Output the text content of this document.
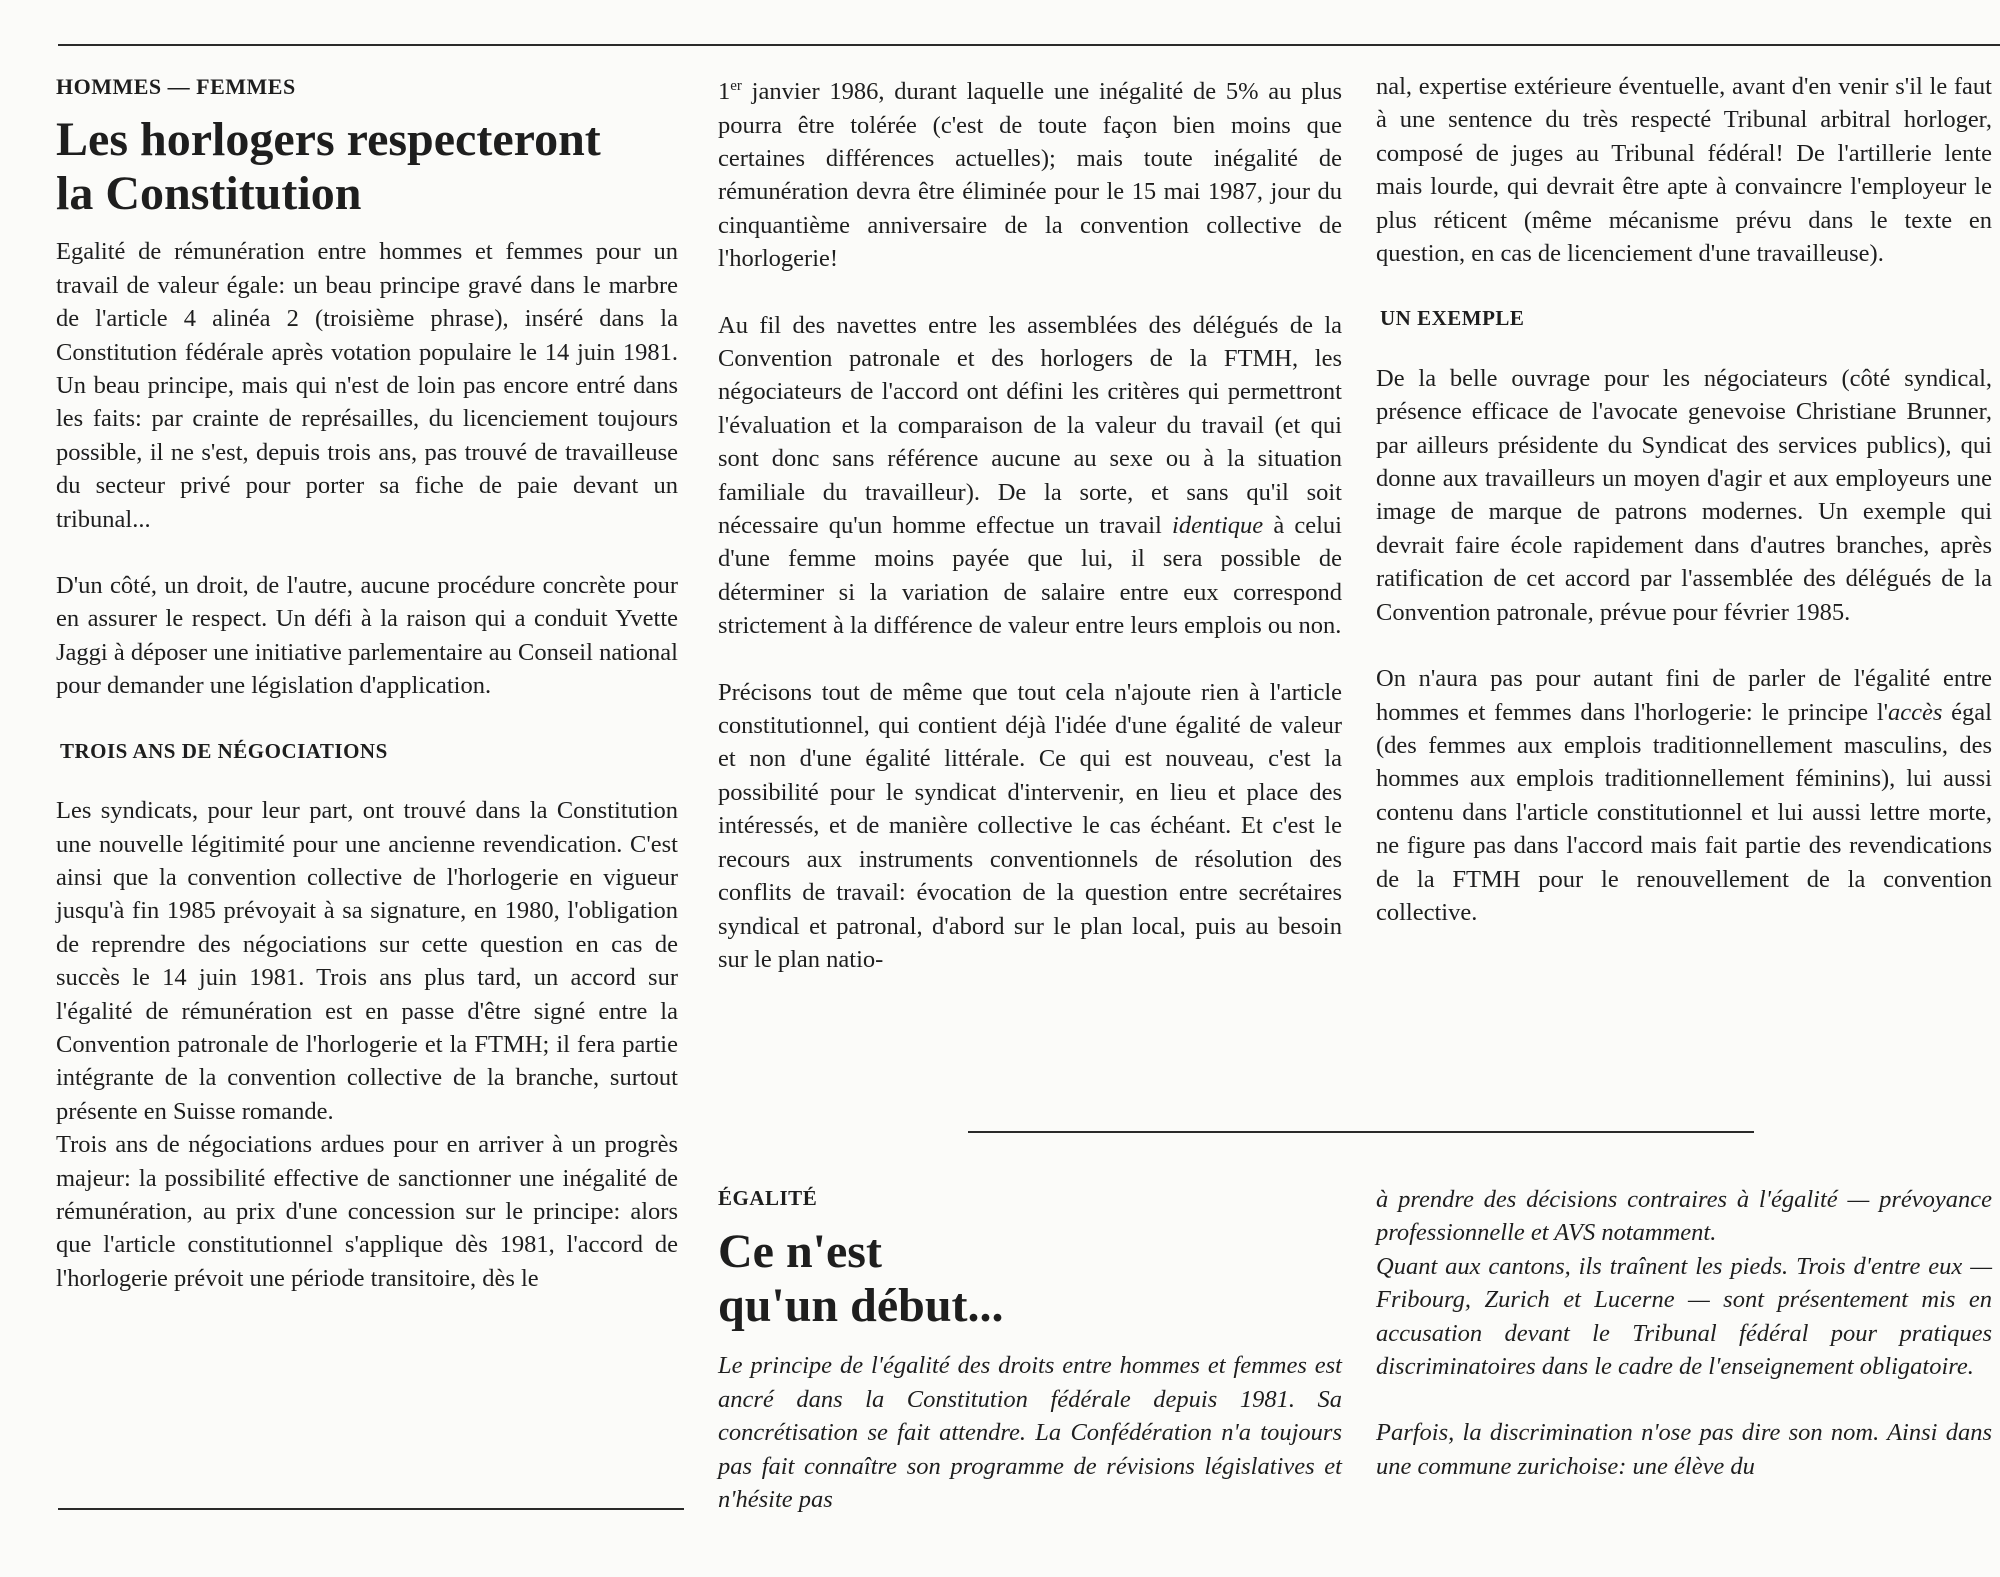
HOMMES — FEMMES
Les horlogers respecteront
la Constitution

Egalité de rémunération entre hommes et femmes pour un travail de valeur égale: un beau principe gravé dans le marbre de l'article 4 alinéa 2 (troisième phrase), inséré dans la Constitution fédérale après votation populaire le 14 juin 1981. Un beau principe, mais qui n'est de loin pas encore entré dans les faits: par crainte de représailles, du licenciement toujours possible, il ne s'est, depuis trois ans, pas trouvé de travailleuse du secteur privé pour porter sa fiche de paie devant un tribunal...

D'un côté, un droit, de l'autre, aucune procédure concrète pour en assurer le respect. Un défi à la raison qui a conduit Yvette Jaggi à déposer une initiative parlementaire au Conseil national pour demander une législation d'application.

TROIS ANS DE NÉGOCIATIONS

Les syndicats, pour leur part, ont trouvé dans la Constitution une nouvelle légitimité pour une ancienne revendication. C'est ainsi que la convention collective de l'horlogerie en vigueur jusqu'à fin 1985 prévoyait à sa signature, en 1980, l'obligation de reprendre des négociations sur cette question en cas de succès le 14 juin 1981. Trois ans plus tard, un accord sur l'égalité de rémunération est en passe d'être signé entre la Convention patronale de l'horlogerie et la FTMH; il fera partie intégrante de la convention collective de la branche, surtout présente en Suisse romande.

Trois ans de négociations ardues pour en arriver à un progrès majeur: la possibilité effective de sanctionner une inégalité de rémunération, au prix d'une concession sur le principe: alors que l'article constitutionnel s'applique dès 1981, l'accord de l'horlogerie prévoit une période transitoire, dès le

1er janvier 1986, durant laquelle une inégalité de 5% au plus pourra être tolérée (c'est de toute façon bien moins que certaines différences actuelles); mais toute inégalité de rémunération devra être éliminée pour le 15 mai 1987, jour du cinquantième anniversaire de la convention collective de l'horlogerie!

Au fil des navettes entre les assemblées des délégués de la Convention patronale et des horlogers de la FTMH, les négociateurs de l'accord ont défini les critères qui permettront l'évaluation et la comparaison de la valeur du travail (et qui sont donc sans référence aucune au sexe ou à la situation familiale du travailleur). De la sorte, et sans qu'il soit nécessaire qu'un homme effectue un travail identique à celui d'une femme moins payée que lui, il sera possible de déterminer si la variation de salaire entre eux correspond strictement à la différence de valeur entre leurs emplois ou non.

Précisons tout de même que tout cela n'ajoute rien à l'article constitutionnel, qui contient déjà l'idée d'une égalité de valeur et non d'une égalité littérale. Ce qui est nouveau, c'est la possibilité pour le syndicat d'intervenir, en lieu et place des intéressés, et de manière collective le cas échéant. Et c'est le recours aux instruments conventionnels de résolution des conflits de travail: évocation de la question entre secrétaires syndical et patronal, d'abord sur le plan local, puis au besoin sur le plan natio-

nal, expertise extérieure éventuelle, avant d'en venir s'il le faut à une sentence du très respecté Tribunal arbitral horloger, composé de juges au Tribunal fédéral! De l'artillerie lente mais lourde, qui devrait être apte à convaincre l'employeur le plus réticent (même mécanisme prévu dans le texte en question, en cas de licenciement d'une travailleuse).

UN EXEMPLE

De la belle ouvrage pour les négociateurs (côté syndical, présence efficace de l'avocate genevoise Christiane Brunner, par ailleurs présidente du Syndicat des services publics), qui donne aux travailleurs un moyen d'agir et aux employeurs une image de marque de patrons modernes. Un exemple qui devrait faire école rapidement dans d'autres branches, après ratification de cet accord par l'assemblée des délégués de la Convention patronale, prévue pour février 1985.

On n'aura pas pour autant fini de parler de l'égalité entre hommes et femmes dans l'horlogerie: le principe l'accès égal (des femmes aux emplois traditionnellement masculins, des hommes aux emplois traditionnellement féminins), lui aussi contenu dans l'article constitutionnel et lui aussi lettre morte, ne figure pas dans l'accord mais fait partie des revendications de la FTMH pour le renouvellement de la convention collective.

ÉGALITÉ
Ce n'est
qu'un début...

Le principe de l'égalité des droits entre hommes et femmes est ancré dans la Constitution fédérale depuis 1981. Sa concrétisation se fait attendre. La Confédération n'a toujours pas fait connaître son programme de révisions législatives et n'hésite pas

à prendre des décisions contraires à l'égalité — prévoyance professionnelle et AVS notamment.

Quant aux cantons, ils traînent les pieds. Trois d'entre eux — Fribourg, Zurich et Lucerne — sont présentement mis en accusation devant le Tribunal fédéral pour pratiques discriminatoires dans le cadre de l'enseignement obligatoire.

Parfois, la discrimination n'ose pas dire son nom. Ainsi dans une commune zurichoise: une élève du
